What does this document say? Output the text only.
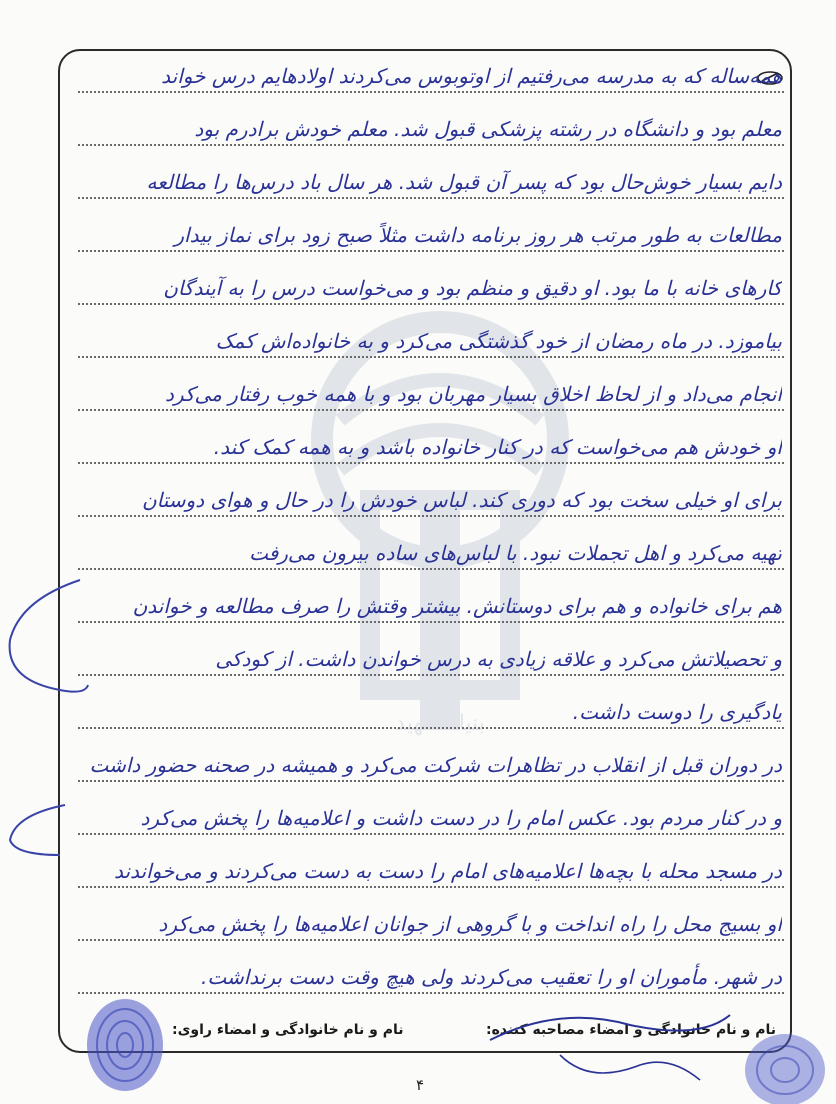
بنیاد شهید
همه‌ساله که به مدرسه می‌رفتیم از اوتوبوس می‌کردند اولادهایم درس خواند
معلم بود و دانشگاه در رشته پزشکی قبول شد. معلم خودش برادرم بود
دایم بسیار خوش‌حال بود که پسر آن قبول شد. هر سال باد درس‌ها را مطالعه
مطالعات به طور مرتب هر روز برنامه داشت مثلاً صبح زود برای نماز بیدار
کارهای خانه با ما بود. او دقیق و منظم بود و می‌خواست درس را به آیندگان
بیاموزد. در ماه رمضان از خود گذشتگی می‌کرد و به خانواده‌اش کمک
انجام می‌داد و از لحاظ اخلاق بسیار مهربان بود و با همه خوب رفتار می‌کرد
او خودش هم می‌خواست که در کنار خانواده باشد و به همه کمک کند.
برای او خیلی سخت بود که دوری کند. لباس خودش را در حال و هوای دوستان
تهیه می‌کرد و اهل تجملات نبود. با لباس‌های ساده بیرون می‌رفت
هم برای خانواده و هم برای دوستانش. بیشتر وقتش را صرف مطالعه و خواندن
و تحصیلاتش می‌کرد و علاقه زیادی به درس خواندن داشت. از کودکی
یادگیری را دوست داشت.
در دوران قبل از انقلاب در تظاهرات شرکت می‌کرد و همیشه در صحنه حضور داشت
و در کنار مردم بود. عکس امام را در دست داشت و اعلامیه‌ها را پخش می‌کرد
در مسجد محله با بچه‌ها اعلامیه‌های امام را دست به دست می‌کردند و می‌خواندند
او بسیج محل را راه انداخت و با گروهی از جوانان اعلامیه‌ها را پخش می‌کرد
در شهر. مأموران او را تعقیب می‌کردند ولی هیچ وقت دست برنداشت.
نام و نام خانوادگی و امضاء مصاحبه کننده:
نام و نام خانوادگی و امضاء راوی:
۴
